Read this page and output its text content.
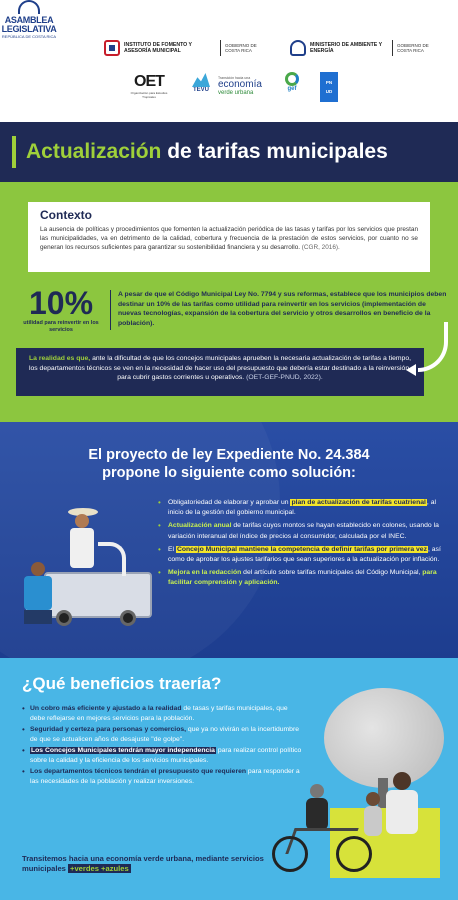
ASAMBLEA
LEGISLATIVA
REPÚBLICA DE COSTA RICA
INSTITUTO DE FOMENTO Y ASESORÍA MUNICIPAL
GOBIERNO DE COSTA RICA
MINISTERIO DE AMBIENTE Y ENERGÍA
GOBIERNO DE COSTA RICA
OET
Organización para Estudios Tropicales
TEVU
Transición hacia una
economía
verde urbana
gef
PN
UD
Actualización de tarifas municipales
Contexto

La ausencia de políticas y procedimientos que fomenten la actualización periódica de las tasas y tarifas por los servicios que prestan las municipalidades, va en detrimento de la calidad, cobertura y frecuencia de la prestación de estos servicios, por cuanto no se generan los recursos suficientes para garantizar su sostenibilidad financiera y su desarrollo. (CGR, 2016).

10%
utilidad para reinvertir en los servicios
A pesar de que el Código Municipal Ley No. 7794 y sus reformas, establece que los municipios deben destinar un 10% de las tarifas como utilidad para reinvertir en los servicios (implementación de nuevas tecnologías, expansión de la cobertura del servicio y otros desarrollos en beneficio de la población).
La realidad es que, ante la dificultad de que los concejos municipales aprueben la necesaria actualización de tarifas a tiempo, los departamentos técnicos se ven en la necesidad de hacer uso del presupuesto que debería estar destinado a la reinversión, para cubrir gastos corrientes u operativos. (OET-GEF-PNUD, 2022).
El proyecto de ley Expediente No. 24.384
propone lo siguiente como solución:
• Obligatoriedad de elaborar y aprobar un plan de actualización de tarifas cuatrienal, al inicio de la gestión del gobierno municipal.
• Actualización anual de tarifas cuyos montos se hayan establecido en colones, usando la variación interanual del índice de precios al consumidor, calculada por el INEC.
• El Concejo Municipal mantiene la competencia de definir tarifas por primera vez, así como de aprobar los ajustes tarifarios que sean superiores a la actualización por inflación.
• Mejora en la redacción del artículo sobre tarifas municipales del Código Municipal, para facilitar comprensión y aplicación.
¿Qué beneficios traería?
• Un cobro más eficiente y ajustado a la realidad de tasas y tarifas municipales, que debe reflejarse en mejores servicios para la población.
• Seguridad y certeza para personas y comercios, que ya no vivirán en la incertidumbre de que se actualicen años de desajuste "de golpe".
• Los Concejos Municipales tendrán mayor independencia para realizar control político sobre la calidad y la eficiencia de los servicios municipales.
• Los departamentos técnicos tendrán el presupuesto que requieren para responder a las necesidades de la población y realizar inversiones.
Transitemos hacia una economía verde urbana, mediante servicios municipales +verdes +azules
